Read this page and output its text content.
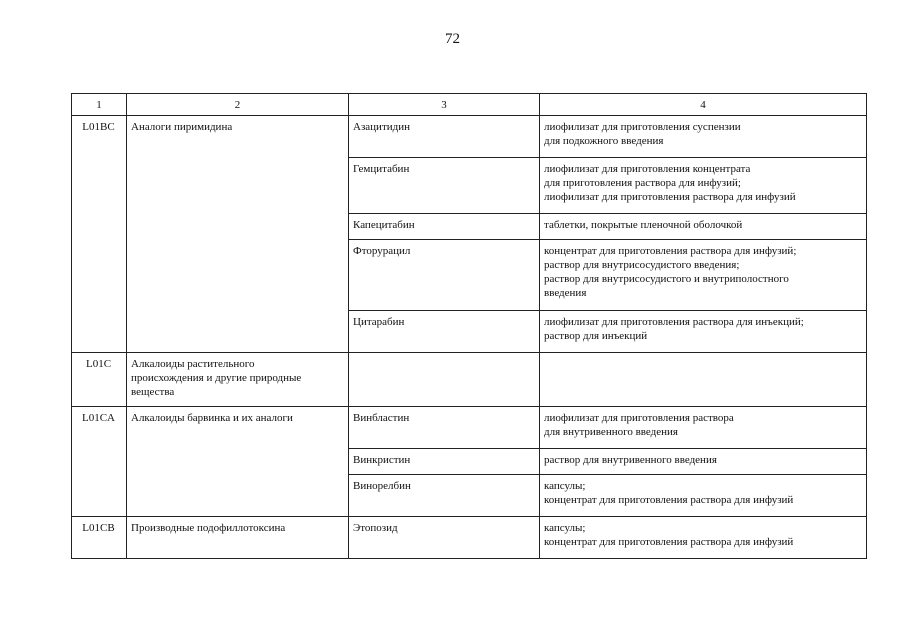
72
1	2	3	4
L01BC	Аналоги пиримидина	Азацитидин	лиофилизат для приготовления суспензии
для подкожного введения
		Гемцитабин	лиофилизат для приготовления концентрата
для приготовления раствора для инфузий;
лиофилизат для приготовления раствора для инфузий
		Капецитабин	таблетки, покрытые пленочной оболочкой
		Фторурацил	концентрат для приготовления раствора для инфузий;
раствор для внутрисосудистого введения;
раствор для внутрисосудистого и внутриполостного
введения
		Цитарабин	лиофилизат для приготовления раствора для инъекций;
раствор для инъекций
L01C	Алкалоиды растительного
происхождения и другие природные
вещества		
L01CA	Алкалоиды барвинка и их аналоги	Винбластин	лиофилизат для приготовления раствора
для внутривенного введения
		Винкристин	раствор для внутривенного введения
		Винорелбин	капсулы;
концентрат для приготовления раствора для инфузий
L01CB	Производные подофиллотоксина	Этопозид	капсулы;
концентрат для приготовления раствора для инфузий
